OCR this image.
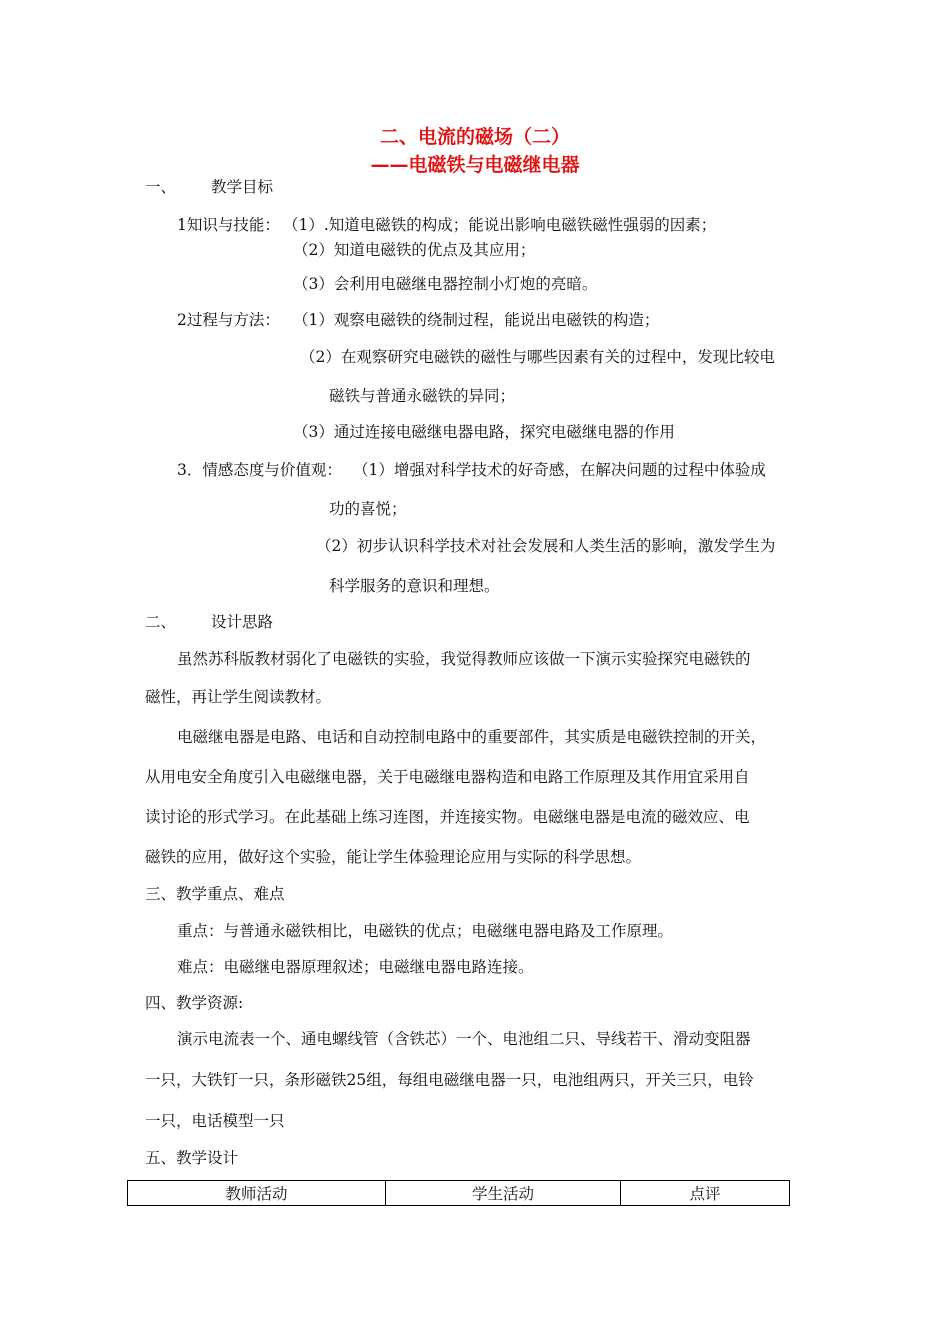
二、电流的磁场（二）
——电磁铁与电磁继电器
一、 教学目标
1知识与技能： （1）.知道电磁铁的构成；能说出影响电磁铁磁性强弱的因素；
（2）知道电磁铁的优点及其应用；
（3）会利用电磁继电器控制小灯炮的亮暗。
2过程与方法： （1）观察电磁铁的绕制过程，能说出电磁铁的构造；
（2）在观察研究电磁铁的磁性与哪些因素有关的过程中，发现比较电
磁铁与普通永磁铁的异同；
（3）通过连接电磁继电器电路，探究电磁继电器的作用
3．情感态度与价值观： （1）增强对科学技术的好奇感，在解决问题的过程中体验成
功的喜悦；
（2）初步认识科学技术对社会发展和人类生活的影响，激发学生为
科学服务的意识和理想。
二、 设计思路
虽然苏科版教材弱化了电磁铁的实验，我觉得教师应该做一下演示实验探究电磁铁的
磁性，再让学生阅读教材。
电磁继电器是电路、电话和自动控制电路中的重要部件，其实质是电磁铁控制的开关，
从用电安全角度引入电磁继电器，关于电磁继电器构造和电路工作原理及其作用宜采用自
读讨论的形式学习。在此基础上练习连图，并连接实物。电磁继电器是电流的磁效应、电
磁铁的应用，做好这个实验，能让学生体验理论应用与实际的科学思想。
三、教学重点、难点
重点：与普通永磁铁相比，电磁铁的优点；电磁继电器电路及工作原理。
难点：电磁继电器原理叙述；电磁继电器电路连接。
四、教学资源:
演示电流表一个、通电螺线管（含铁芯）一个、电池组二只、导线若干、滑动变阻器
一只，大铁钉一只，条形磁铁25组，每组电磁继电器一只，电池组两只，开关三只，电铃
一只，电话模型一只
五、教学设计
教师活动	学生活动	点评
